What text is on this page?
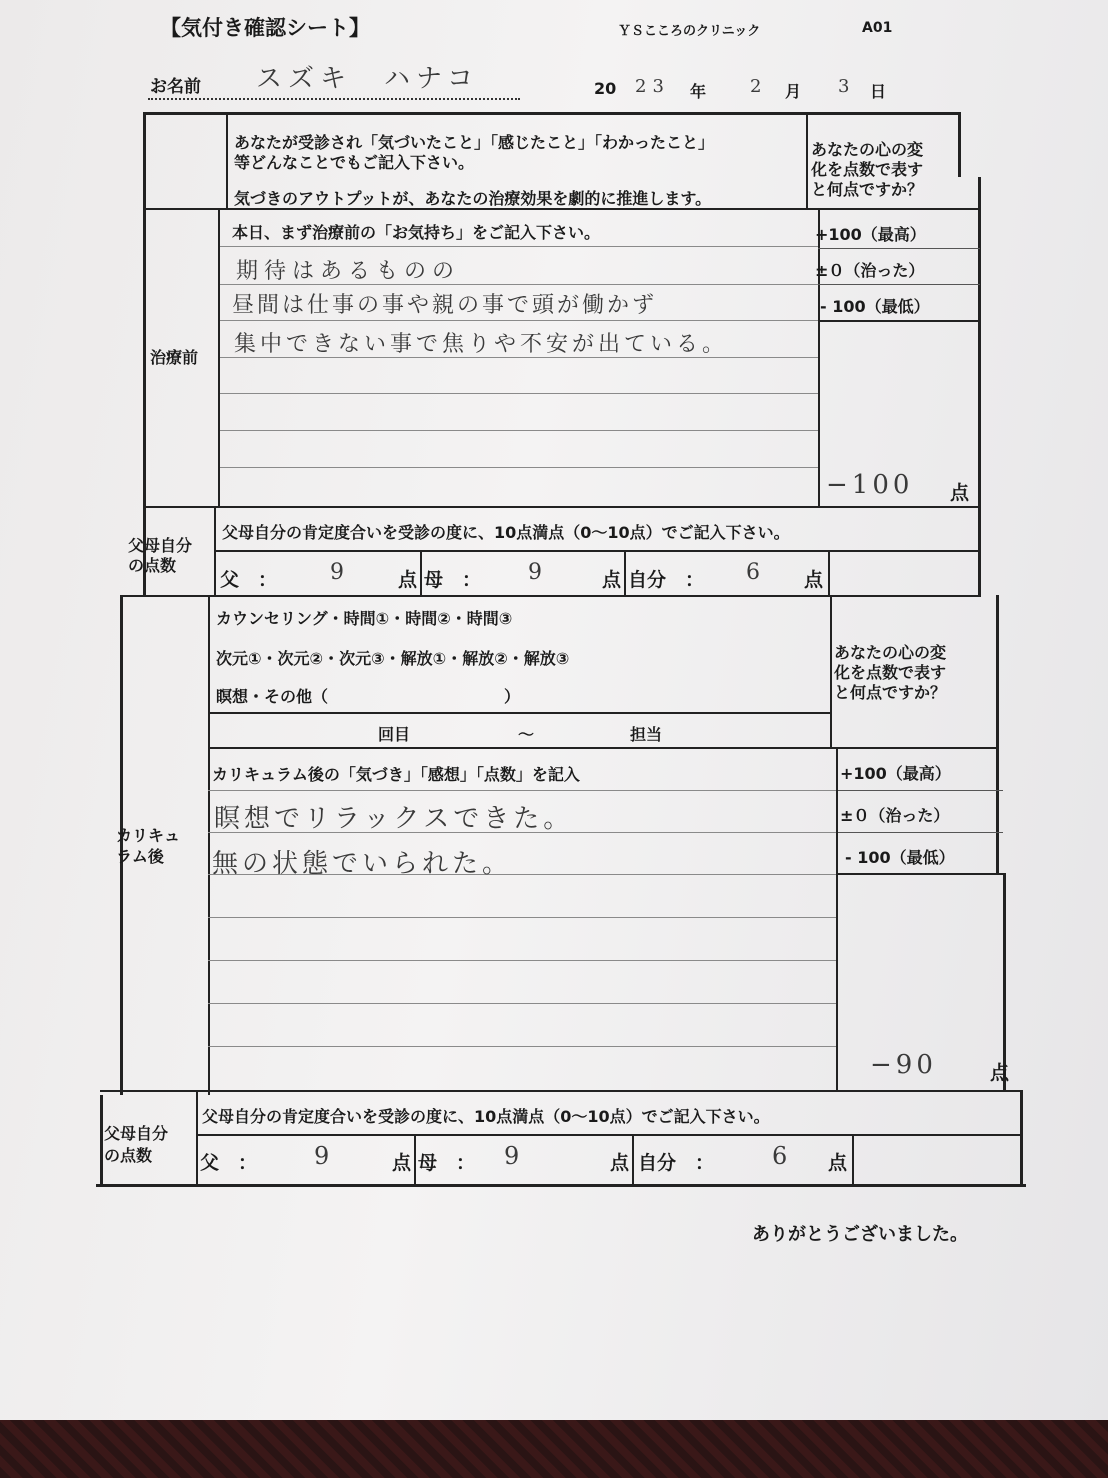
【気付き確認シート】	ＹＳこころのクリニック	A01
お名前 スズキ　ハナコ	20 23 年 2 月 3 日
あなたが受診され「気づいたこと」「感じたこと」「わかったこと」
等どんなことでもご記入下さい。
気づきのアウトプットが、あなたの治療効果を劇的に推進します。
あなたの心の変
化を点数で表す
と何点ですか？
治療前
本日、まず治療前の「お気持ち」をご記入下さい。
期待はあるものの
昼間は仕事の事や親の事で頭が働かず
集中できない事で焦りや不安が出ている。
+100（最高）
±０（治った）
- 100（最低）
−100 点
父母自分
の点数
父母自分の肯定度合いを受診の度に、10点満点（0～10点）でご記入下さい。
父　： 9	点 母　： 9	点 自分　： 6 点
カウンセリング・時間①・時間②・時間③
次元①・次元②・次元③・解放①・解放②・解放③
瞑想・その他（　　　　　　　　　　　）
あなたの心の変
化を点数で表す
と何点ですか？
回目	～	担当
カリキュ
ラム後
カリキュラム後の「気づき」「感想」「点数」を記入
瞑想でリラックスできた。
無の状態でいられた。
+100（最高）
±０（治った）
- 100（最低）
−90	点
父母自分
の点数
父母自分の肯定度合いを受診の度に、10点満点（0～10点）でご記入下さい。
父　： 9	点 母　： 9	点 自分　： 6 点
ありがとうございました。
